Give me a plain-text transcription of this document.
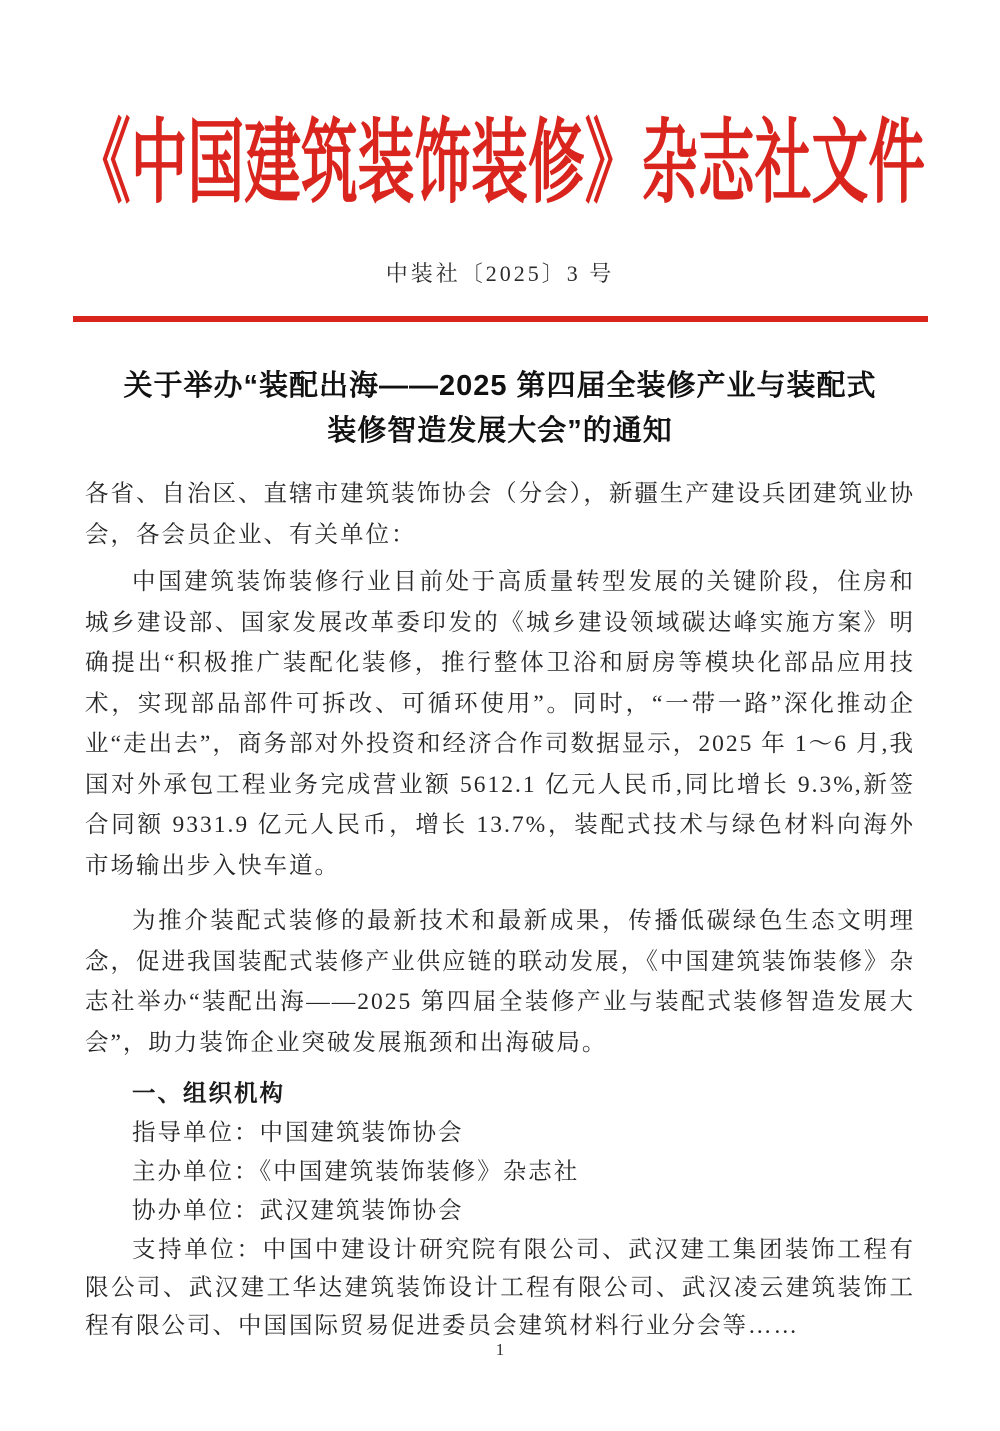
《中国建筑装饰装修》杂志社文件
中装社〔2025〕3 号
关于举办“装配出海——2025 第四届全装修产业与装配式
装修智造发展大会”的通知

各省、自治区、直辖市建筑装饰协会（分会），新疆生产建设兵团建筑业协会，各会员企业、有关单位：

中国建筑装饰装修行业目前处于高质量转型发展的关键阶段，住房和城乡建设部、国家发展改革委印发的《城乡建设领域碳达峰实施方案》明确提出“积极推广装配化装修，推行整体卫浴和厨房等模块化部品应用技术，实现部品部件可拆改、可循环使用”。同时，“一带一路”深化推动企业“走出去”，商务部对外投资和经济合作司数据显示，2025 年 1～6 月,我国对外承包工程业务完成营业额 5612.1 亿元人民币,同比增长 9.3%,新签合同额 9331.9 亿元人民币，增长 13.7%，装配式技术与绿色材料向海外市场输出步入快车道。

为推介装配式装修的最新技术和最新成果，传播低碳绿色生态文明理念，促进我国装配式装修产业供应链的联动发展，《中国建筑装饰装修》杂志社举办“装配出海——2025 第四届全装修产业与装配式装修智造发展大会”，助力装饰企业突破发展瓶颈和出海破局。

一、组织机构

指导单位：中国建筑装饰协会

主办单位：《中国建筑装饰装修》杂志社

协办单位：武汉建筑装饰协会

支持单位：中国中建设计研究院有限公司、武汉建工集团装饰工程有限公司、武汉建工华达建筑装饰设计工程有限公司、武汉凌云建筑装饰工程有限公司、中国国际贸易促进委员会建筑材料行业分会等……

1
